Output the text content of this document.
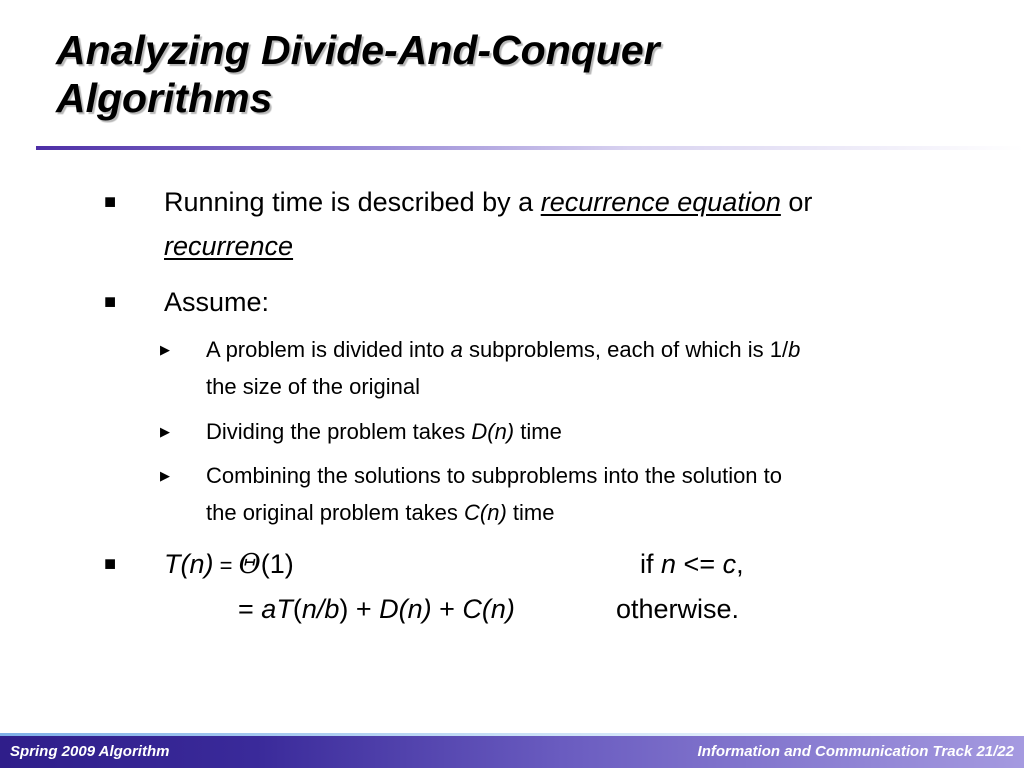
Analyzing Divide-And-Conquer
Algorithms
■ Running time is described by a recurrence equation or
recurrence
■ Assume:
▶ A problem is divided into a subproblems, each of which is 1/b
the size of the original
▶ Dividing the problem takes D(n) time
▶ Combining the solutions to subproblems into the solution to
the original problem takes C(n) time
■ T(n) = Θ(1)	if n <= c,
= aT(n/b) + D(n) + C(n)	otherwise.
Spring 2009 Algorithm	Information and Communication Track 21/22
